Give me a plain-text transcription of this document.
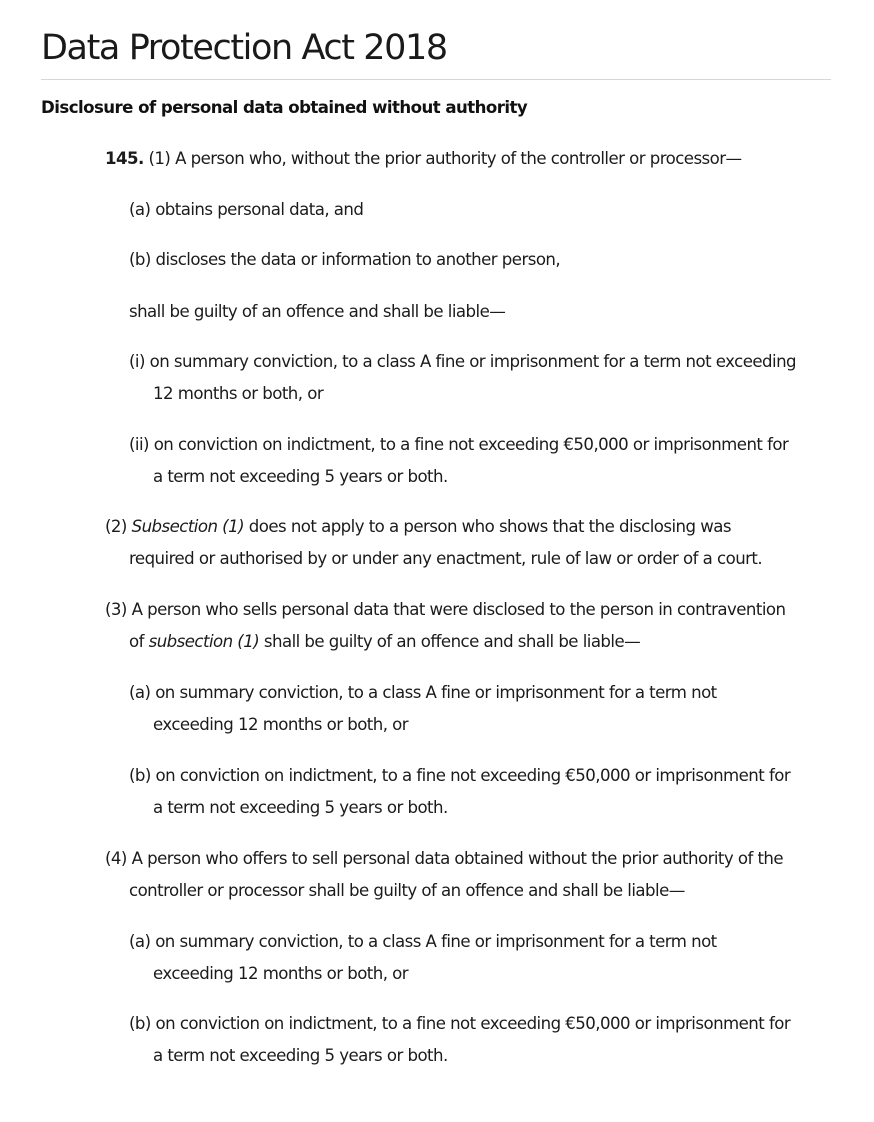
Data Protection Act 2018
Disclosure of personal data obtained without authority

145. (1) A person who, without the prior authority of the controller or processor—

(a) obtains personal data, and

(b) discloses the data or information to another person,

shall be guilty of an offence and shall be liable—

(i) on summary conviction, to a class A fine or imprisonment for a term not exceeding
12 months or both, or

(ii) on conviction on indictment, to a fine not exceeding €50,000 or imprisonment for
a term not exceeding 5 years or both.

(2) Subsection (1) does not apply to a person who shows that the disclosing was
required or authorised by or under any enactment, rule of law or order of a court.

(3) A person who sells personal data that were disclosed to the person in contravention
of subsection (1) shall be guilty of an offence and shall be liable—

(a) on summary conviction, to a class A fine or imprisonment for a term not
exceeding 12 months or both, or

(b) on conviction on indictment, to a fine not exceeding €50,000 or imprisonment for
a term not exceeding 5 years or both.

(4) A person who offers to sell personal data obtained without the prior authority of the
controller or processor shall be guilty of an offence and shall be liable—

(a) on summary conviction, to a class A fine or imprisonment for a term not
exceeding 12 months or both, or

(b) on conviction on indictment, to a fine not exceeding €50,000 or imprisonment for
a term not exceeding 5 years or both.
